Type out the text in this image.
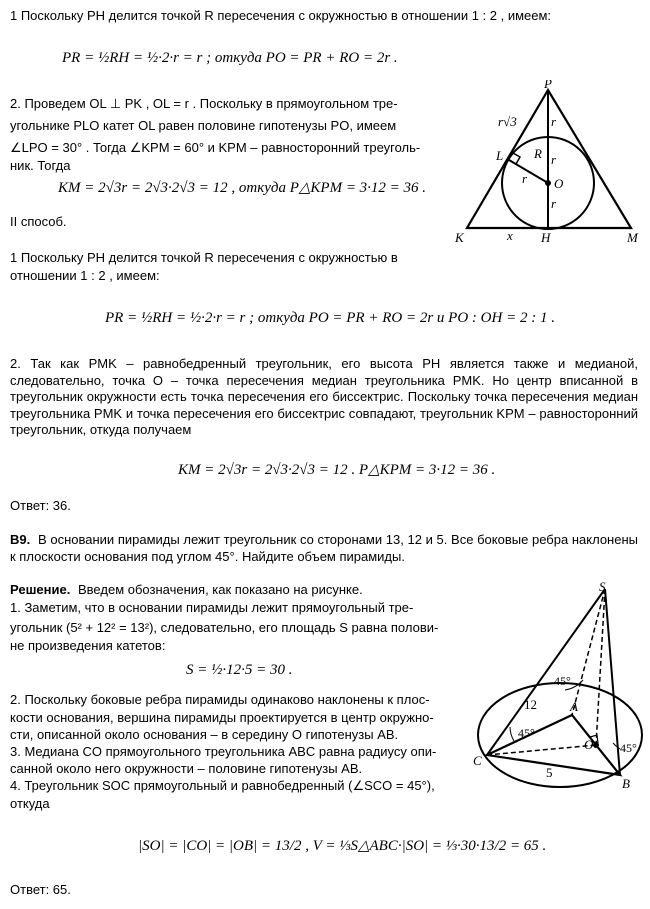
1 Поскольку PH делится точкой R пересечения с окружностью в отношении 1 : 2 , имеем:
PR = ½RH = ½·2·r = r ; откуда PO = PR + RO = 2r .
2. Проведем OL ⊥ PK , OL = r . Поскольку в прямоугольном тре-
угольнике PLO катет OL равен половине гипотенузы PO, имеем
∠LPO = 30° . Тогда ∠KPM = 60° и KPM – равносторонний треуголь-
ник. Тогда
KM = 2√3r = 2√3·2√3 = 12 , откуда P△KPM = 3·12 = 36 .
P
K	M
H
L R
O
r√3	r
r
r
r
x
II способ.
1 Поскольку PH делится точкой R пересечения с окружностью в
отношении 1 : 2 , имеем:
PR = ½RH = ½·2·r = r ; откуда PO = PR + RO = 2r и PO : OH = 2 : 1 .
2. Так как PMK – равнобедренный треугольник, его высота PH является также и медианой, следовательно, точка O – точка пересечения медиан треугольника PMK. Но центр вписанной в треугольник окружности есть точка пересечения его биссектрис. Поскольку точка пересечения медиан треугольника PMK и точка пересечения его биссектрис совпадают, треугольник KPM – равносторонний треугольник, откуда получаем
KM = 2√3r = 2√3·2√3 = 12 . P△KPM = 3·12 = 36 .
Ответ: 36.
В основании пирамиды лежит треугольник со сторонами 13, 12 и 5. Все боковые ребра наклонены к плоскости основания под углом 45°. Найдите объем пирамиды.
В9.
Решение. Введем обозначения, как показано на рисунке.
1. Заметим, что в основании пирамиды лежит прямоугольный тре-
угольник (5² + 12² = 13²), следовательно, его площадь S равна полови-
не произведения катетов:
S = ½·12·5 = 30 .
2. Поскольку боковые ребра пирамиды одинаково наклонены к плос-
кости основания, вершина пирамиды проектируется в центр окружно-
сти, описанной около основания – в середину O гипотенузы AB.
3. Медиана CO прямоугольного треугольника ABC равна радиусу опи-
санной около него окружности – половине гипотенузы AB.
4. Треугольник SOC прямоугольный и равнобедренный (∠SCO = 45°),
откуда
|SO| = |CO| = |OB| = 13/2 , V = ⅓S△ABC·|SO| = ⅓·30·13/2 = 65 .
Ответ: 65.
S
A
B
C
O
45°
45°
45°
12
5
